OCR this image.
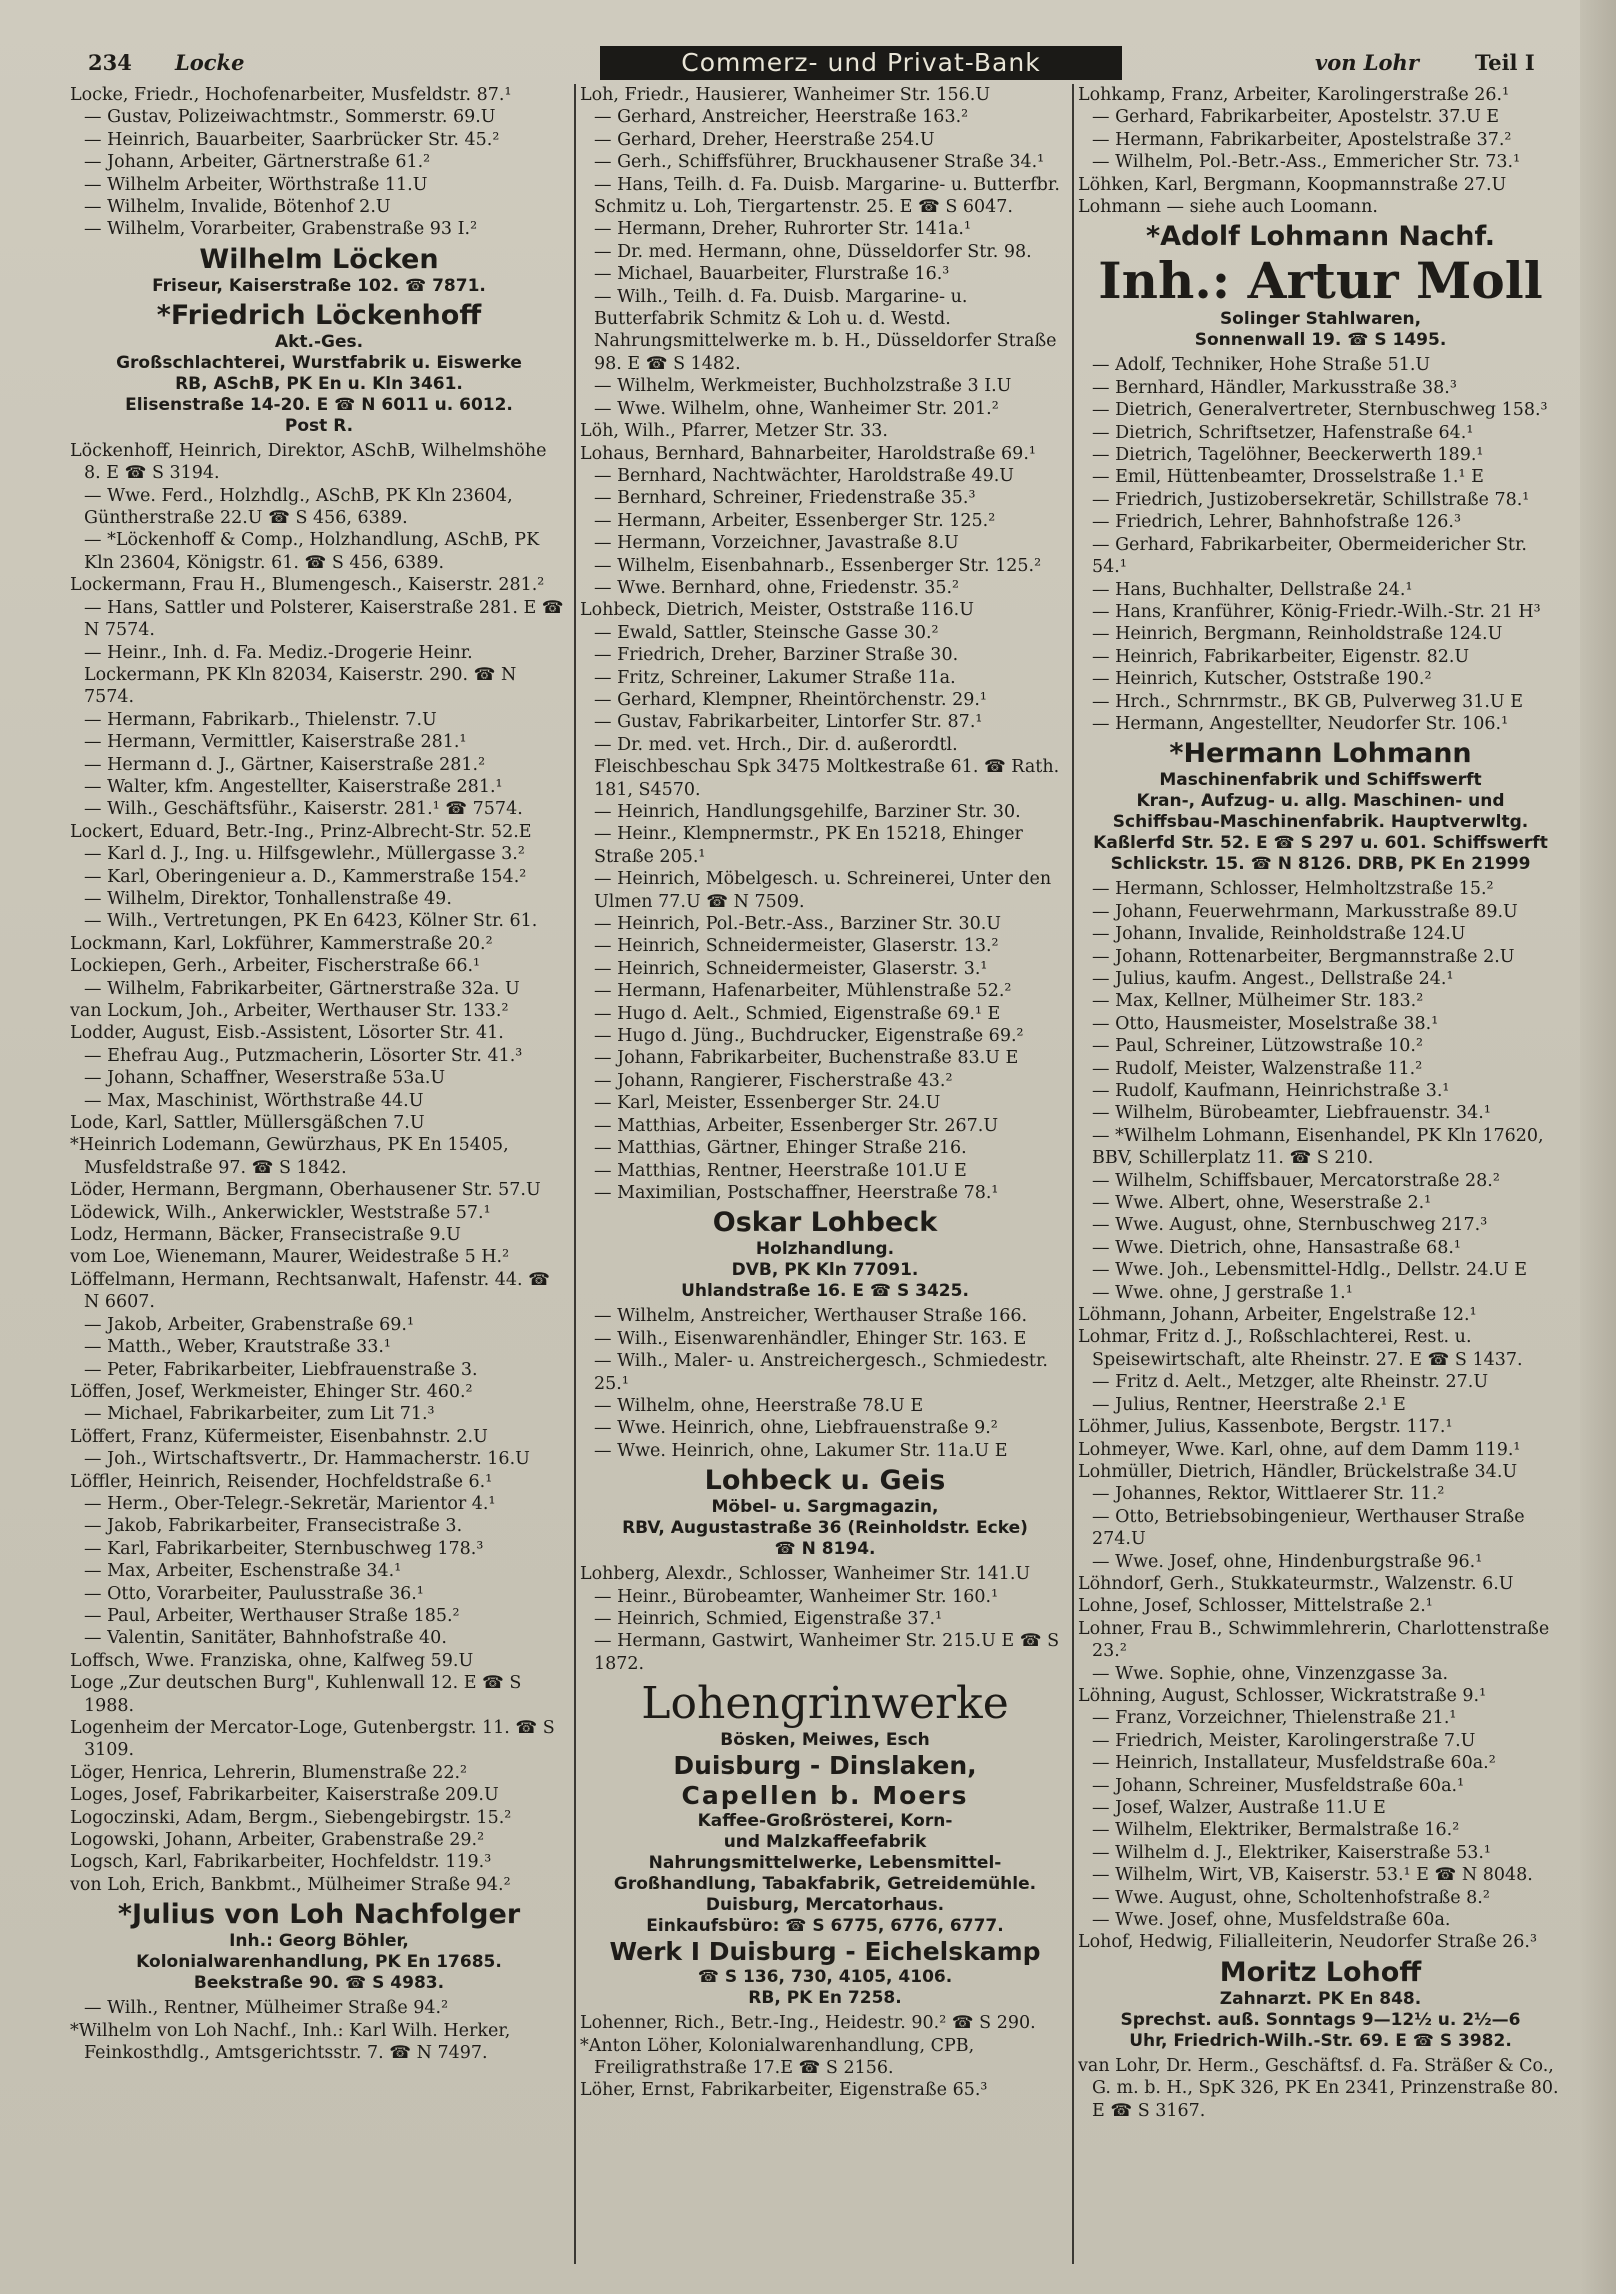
234 Locke	Commerz- und Privat-Bank	von Lohr	Teil I
Locke, Friedr., Hochofenarbeiter, Musfeldstr. 87.¹
— Gustav, Polizeiwachtmstr., Sommerstr. 69.U
— Heinrich, Bauarbeiter, Saarbrücker Str. 45.²
— Johann, Arbeiter, Gärtnerstraße 61.²
— Wilhelm Arbeiter, Wörthstraße 11.U
— Wilhelm, Invalide, Bötenhof 2.U
— Wilhelm, Vorarbeiter, Grabenstraße 93 I.²
Wilhelm Löcken
Friseur, Kaiserstraße 102. ☎ 7871.
*Friedrich Löckenhoff
Akt.-Ges.
Großschlachterei, Wurstfabrik u. Eiswerke
RB, ASchB, PK En u. Kln 3461.
Elisenstraße 14-20. E ☎ N 6011 u. 6012.
Post R.
Löckenhoff, Heinrich, Direktor, ASchB, Wilhelmshöhe 8. E ☎ S 3194.
— Wwe. Ferd., Holzhdlg., ASchB, PK Kln 23604, Güntherstraße 22.U ☎ S 456, 6389.
— *Löckenhoff & Comp., Holzhandlung, ASchB, PK Kln 23604, Königstr. 61. ☎ S 456, 6389.
Lockermann, Frau H., Blumengesch., Kaiserstr. 281.²
— Hans, Sattler und Polsterer, Kaiserstraße 281. E ☎ N 7574.
— Heinr., Inh. d. Fa. Mediz.-Drogerie Heinr. Lockermann, PK Kln 82034, Kaiserstr. 290. ☎ N 7574.
— Hermann, Fabrikarb., Thielenstr. 7.U
— Hermann, Vermittler, Kaiserstraße 281.¹
— Hermann d. J., Gärtner, Kaiserstraße 281.²
— Walter, kfm. Angestellter, Kaiserstraße 281.¹
— Wilh., Geschäftsführ., Kaiserstr. 281.¹ ☎ 7574.
Lockert, Eduard, Betr.-Ing., Prinz-Albrecht-Str. 52.E
— Karl d. J., Ing. u. Hilfsgewlehr., Müllergasse 3.²
— Karl, Oberingenieur a. D., Kammerstraße 154.²
— Wilhelm, Direktor, Tonhallenstraße 49.
— Wilh., Vertretungen, PK En 6423, Kölner Str. 61.
Lockmann, Karl, Lokführer, Kammerstraße 20.²
Lockiepen, Gerh., Arbeiter, Fischerstraße 66.¹
— Wilhelm, Fabrikarbeiter, Gärtnerstraße 32a. U
van Lockum, Joh., Arbeiter, Werthauser Str. 133.²
Lodder, August, Eisb.-Assistent, Lösorter Str. 41.
— Ehefrau Aug., Putzmacherin, Lösorter Str. 41.³
— Johann, Schaffner, Weserstraße 53a.U
— Max, Maschinist, Wörthstraße 44.U
Lode, Karl, Sattler, Müllersgäßchen 7.U
*Heinrich Lodemann, Gewürzhaus, PK En 15405, Musfeldstraße 97. ☎ S 1842.
Löder, Hermann, Bergmann, Oberhausener Str. 57.U
Lödewick, Wilh., Ankerwickler, Weststraße 57.¹
Lodz, Hermann, Bäcker, Fransecistraße 9.U
vom Loe, Wienemann, Maurer, Weidestraße 5 H.²
Löffelmann, Hermann, Rechtsanwalt, Hafenstr. 44. ☎ N 6607.
— Jakob, Arbeiter, Grabenstraße 69.¹
— Matth., Weber, Krautstraße 33.¹
— Peter, Fabrikarbeiter, Liebfrauenstraße 3.
Löffen, Josef, Werkmeister, Ehinger Str. 460.²
— Michael, Fabrikarbeiter, zum Lit 71.³
Löffert, Franz, Küfermeister, Eisenbahnstr. 2.U
— Joh., Wirtschaftsvertr., Dr. Hammacherstr. 16.U
Löffler, Heinrich, Reisender, Hochfeldstraße 6.¹
— Herm., Ober-Telegr.-Sekretär, Marientor 4.¹
— Jakob, Fabrikarbeiter, Fransecistraße 3.
— Karl, Fabrikarbeiter, Sternbuschweg 178.³
— Max, Arbeiter, Eschenstraße 34.¹
— Otto, Vorarbeiter, Paulusstraße 36.¹
— Paul, Arbeiter, Werthauser Straße 185.²
— Valentin, Sanitäter, Bahnhofstraße 40.
Loffsch, Wwe. Franziska, ohne, Kalfweg 59.U
Loge „Zur deutschen Burg", Kuhlenwall 12. E ☎ S 1988.
Logenheim der Mercator-Loge, Gutenbergstr. 11. ☎ S 3109.
Löger, Henrica, Lehrerin, Blumenstraße 22.²
Loges, Josef, Fabrikarbeiter, Kaiserstraße 209.U
Logoczinski, Adam, Bergm., Siebengebirgstr. 15.²
Logowski, Johann, Arbeiter, Grabenstraße 29.²
Logsch, Karl, Fabrikarbeiter, Hochfeldstr. 119.³
von Loh, Erich, Bankbmt., Mülheimer Straße 94.²
*Julius von Loh Nachfolger
Inh.: Georg Böhler,
Kolonialwarenhandlung, PK En 17685.
Beekstraße 90. ☎ S 4983.
— Wilh., Rentner, Mülheimer Straße 94.²
*Wilhelm von Loh Nachf., Inh.: Karl Wilh. Herker, Feinkosthdlg., Amtsgerichtsstr. 7. ☎ N 7497.
Loh, Friedr., Hausierer, Wanheimer Str. 156.U
— Gerhard, Anstreicher, Heerstraße 163.²
— Gerhard, Dreher, Heerstraße 254.U
— Gerh., Schiffsführer, Bruckhausener Straße 34.¹
— Hans, Teilh. d. Fa. Duisb. Margarine- u. Butterfbr. Schmitz u. Loh, Tiergartenstr. 25. E ☎ S 6047.
— Hermann, Dreher, Ruhrorter Str. 141a.¹
— Dr. med. Hermann, ohne, Düsseldorfer Str. 98.
— Michael, Bauarbeiter, Flurstraße 16.³
— Wilh., Teilh. d. Fa. Duisb. Margarine- u. Butterfabrik Schmitz & Loh u. d. Westd. Nahrungsmittelwerke m. b. H., Düsseldorfer Straße 98. E ☎ S 1482.
— Wilhelm, Werkmeister, Buchholzstraße 3 I.U
— Wwe. Wilhelm, ohne, Wanheimer Str. 201.²
Löh, Wilh., Pfarrer, Metzer Str. 33.
Lohaus, Bernhard, Bahnarbeiter, Haroldstraße 69.¹
— Bernhard, Nachtwächter, Haroldstraße 49.U
— Bernhard, Schreiner, Friedenstraße 35.³
— Hermann, Arbeiter, Essenberger Str. 125.²
— Hermann, Vorzeichner, Javastraße 8.U
— Wilhelm, Eisenbahnarb., Essenberger Str. 125.²
— Wwe. Bernhard, ohne, Friedenstr. 35.²
Lohbeck, Dietrich, Meister, Oststraße 116.U
— Ewald, Sattler, Steinsche Gasse 30.²
— Friedrich, Dreher, Barziner Straße 30.
— Fritz, Schreiner, Lakumer Straße 11a.
— Gerhard, Klempner, Rheintörchenstr. 29.¹
— Gustav, Fabrikarbeiter, Lintorfer Str. 87.¹
— Dr. med. vet. Hrch., Dir. d. außerordtl. Fleischbeschau Spk 3475 Moltkestraße 61. ☎ Rath. 181, S4570.
— Heinrich, Handlungsgehilfe, Barziner Str. 30.
— Heinr., Klempnermstr., PK En 15218, Ehinger Straße 205.¹
— Heinrich, Möbelgesch. u. Schreinerei, Unter den Ulmen 77.U ☎ N 7509.
— Heinrich, Pol.-Betr.-Ass., Barziner Str. 30.U
— Heinrich, Schneidermeister, Glaserstr. 13.²
— Heinrich, Schneidermeister, Glaserstr. 3.¹
— Hermann, Hafenarbeiter, Mühlenstraße 52.²
— Hugo d. Aelt., Schmied, Eigenstraße 69.¹ E
— Hugo d. Jüng., Buchdrucker, Eigenstraße 69.²
— Johann, Fabrikarbeiter, Buchenstraße 83.U E
— Johann, Rangierer, Fischerstraße 43.²
— Karl, Meister, Essenberger Str. 24.U
— Matthias, Arbeiter, Essenberger Str. 267.U
— Matthias, Gärtner, Ehinger Straße 216.
— Matthias, Rentner, Heerstraße 101.U E
— Maximilian, Postschaffner, Heerstraße 78.¹
Oskar Lohbeck
Holzhandlung.
DVB, PK Kln 77091.
Uhlandstraße 16. E ☎ S 3425.
— Wilhelm, Anstreicher, Werthauser Straße 166.
— Wilh., Eisenwarenhändler, Ehinger Str. 163. E
— Wilh., Maler- u. Anstreichergesch., Schmiedestr. 25.¹
— Wilhelm, ohne, Heerstraße 78.U E
— Wwe. Heinrich, ohne, Liebfrauenstraße 9.²
— Wwe. Heinrich, ohne, Lakumer Str. 11a.U E
Lohbeck u. Geis
Möbel- u. Sargmagazin,
RBV, Augustastraße 36 (Reinholdstr. Ecke)
☎ N 8194.
Lohberg, Alexdr., Schlosser, Wanheimer Str. 141.U
— Heinr., Bürobeamter, Wanheimer Str. 160.¹
— Heinrich, Schmied, Eigenstraße 37.¹
— Hermann, Gastwirt, Wanheimer Str. 215.U E ☎ S 1872.
Lohengrinwerke
Bösken, Meiwes, Esch
Duisburg - Dinslaken,
Capellen b. Moers
Kaffee-Großrösterei, Korn-
und Malzkaffeefabrik
Nahrungsmittelwerke, Lebensmittel-
Großhandlung, Tabakfabrik, Getreidemühle.
Duisburg, Mercatorhaus.
Einkaufsbüro: ☎ S 6775, 6776, 6777.
Werk I Duisburg - Eichelskamp
☎ S 136, 730, 4105, 4106.
RB, PK En 7258.
Lohenner, Rich., Betr.-Ing., Heidestr. 90.² ☎ S 290.
*Anton Löher, Kolonialwarenhandlung, CPB, Freiligrathstraße 17.E ☎ S 2156.
Löher, Ernst, Fabrikarbeiter, Eigenstraße 65.³
Lohkamp, Franz, Arbeiter, Karolingerstraße 26.¹
— Gerhard, Fabrikarbeiter, Apostelstr. 37.U E
— Hermann, Fabrikarbeiter, Apostelstraße 37.²
— Wilhelm, Pol.-Betr.-Ass., Emmericher Str. 73.¹
Löhken, Karl, Bergmann, Koopmannstraße 27.U
Lohmann — siehe auch Loomann.
*Adolf Lohmann Nachf.
Inh.: Artur Moll
Solinger Stahlwaren,
Sonnenwall 19. ☎ S 1495.
— Adolf, Techniker, Hohe Straße 51.U
— Bernhard, Händler, Markusstraße 38.³
— Dietrich, Generalvertreter, Sternbuschweg 158.³
— Dietrich, Schriftsetzer, Hafenstraße 64.¹
— Dietrich, Tagelöhner, Beeckerwerth 189.¹
— Emil, Hüttenbeamter, Drosselstraße 1.¹ E
— Friedrich, Justizobersekretär, Schillstraße 78.¹
— Friedrich, Lehrer, Bahnhofstraße 126.³
— Gerhard, Fabrikarbeiter, Obermeidericher Str. 54.¹
— Hans, Buchhalter, Dellstraße 24.¹
— Hans, Kranführer, König-Friedr.-Wilh.-Str. 21 H³
— Heinrich, Bergmann, Reinholdstraße 124.U
— Heinrich, Fabrikarbeiter, Eigenstr. 82.U
— Heinrich, Kutscher, Oststraße 190.²
— Hrch., Schrnrmstr., BK GB, Pulverweg 31.U E
— Hermann, Angestellter, Neudorfer Str. 106.¹
*Hermann Lohmann
Maschinenfabrik und Schiffswerft
Kran-, Aufzug- u. allg. Maschinen- und
Schiffsbau-Maschinenfabrik. Hauptverwltg.
Kaßlerfd Str. 52. E ☎ S 297 u. 601. Schiffswerft
Schlickstr. 15. ☎ N 8126. DRB, PK En 21999
— Hermann, Schlosser, Helmholtzstraße 15.²
— Johann, Feuerwehrmann, Markusstraße 89.U
— Johann, Invalide, Reinholdstraße 124.U
— Johann, Rottenarbeiter, Bergmannstraße 2.U
— Julius, kaufm. Angest., Dellstraße 24.¹
— Max, Kellner, Mülheimer Str. 183.²
— Otto, Hausmeister, Moselstraße 38.¹
— Paul, Schreiner, Lützowstraße 10.²
— Rudolf, Meister, Walzenstraße 11.²
— Rudolf, Kaufmann, Heinrichstraße 3.¹
— Wilhelm, Bürobeamter, Liebfrauenstr. 34.¹
— *Wilhelm Lohmann, Eisenhandel, PK Kln 17620, BBV, Schillerplatz 11. ☎ S 210.
— Wilhelm, Schiffsbauer, Mercatorstraße 28.²
— Wwe. Albert, ohne, Weserstraße 2.¹
— Wwe. August, ohne, Sternbuschweg 217.³
— Wwe. Dietrich, ohne, Hansastraße 68.¹
— Wwe. Joh., Lebensmittel-Hdlg., Dellstr. 24.U E
— Wwe. ohne, J gerstraße 1.¹
Löhmann, Johann, Arbeiter, Engelstraße 12.¹
Lohmar, Fritz d. J., Roßschlachterei, Rest. u. Speisewirtschaft, alte Rheinstr. 27. E ☎ S 1437.
— Fritz d. Aelt., Metzger, alte Rheinstr. 27.U
— Julius, Rentner, Heerstraße 2.¹ E
Löhmer, Julius, Kassenbote, Bergstr. 117.¹
Lohmeyer, Wwe. Karl, ohne, auf dem Damm 119.¹
Lohmüller, Dietrich, Händler, Brückelstraße 34.U
— Johannes, Rektor, Wittlaerer Str. 11.²
— Otto, Betriebsobingenieur, Werthauser Straße 274.U
— Wwe. Josef, ohne, Hindenburgstraße 96.¹
Löhndorf, Gerh., Stukkateurmstr., Walzenstr. 6.U
Lohne, Josef, Schlosser, Mittelstraße 2.¹
Lohner, Frau B., Schwimmlehrerin, Charlottenstraße 23.²
— Wwe. Sophie, ohne, Vinzenzgasse 3a.
Löhning, August, Schlosser, Wickratstraße 9.¹
— Franz, Vorzeichner, Thielenstraße 21.¹
— Friedrich, Meister, Karolingerstraße 7.U
— Heinrich, Installateur, Musfeldstraße 60a.²
— Johann, Schreiner, Musfeldstraße 60a.¹
— Josef, Walzer, Austraße 11.U E
— Wilhelm, Elektriker, Bermalstraße 16.²
— Wilhelm d. J., Elektriker, Kaiserstraße 53.¹
— Wilhelm, Wirt, VB, Kaiserstr. 53.¹ E ☎ N 8048.
— Wwe. August, ohne, Scholtenhofstraße 8.²
— Wwe. Josef, ohne, Musfeldstraße 60a.
Lohof, Hedwig, Filialleiterin, Neudorfer Straße 26.³
Moritz Lohoff
Zahnarzt. PK En 848.
Sprechst. auß. Sonntags 9—12½ u. 2½—6
Uhr, Friedrich-Wilh.-Str. 69. E ☎ S 3982.
van Lohr, Dr. Herm., Geschäftsf. d. Fa. Sträßer & Co., G. m. b. H., SpK 326, PK En 2341, Prinzenstraße 80. E ☎ S 3167.
